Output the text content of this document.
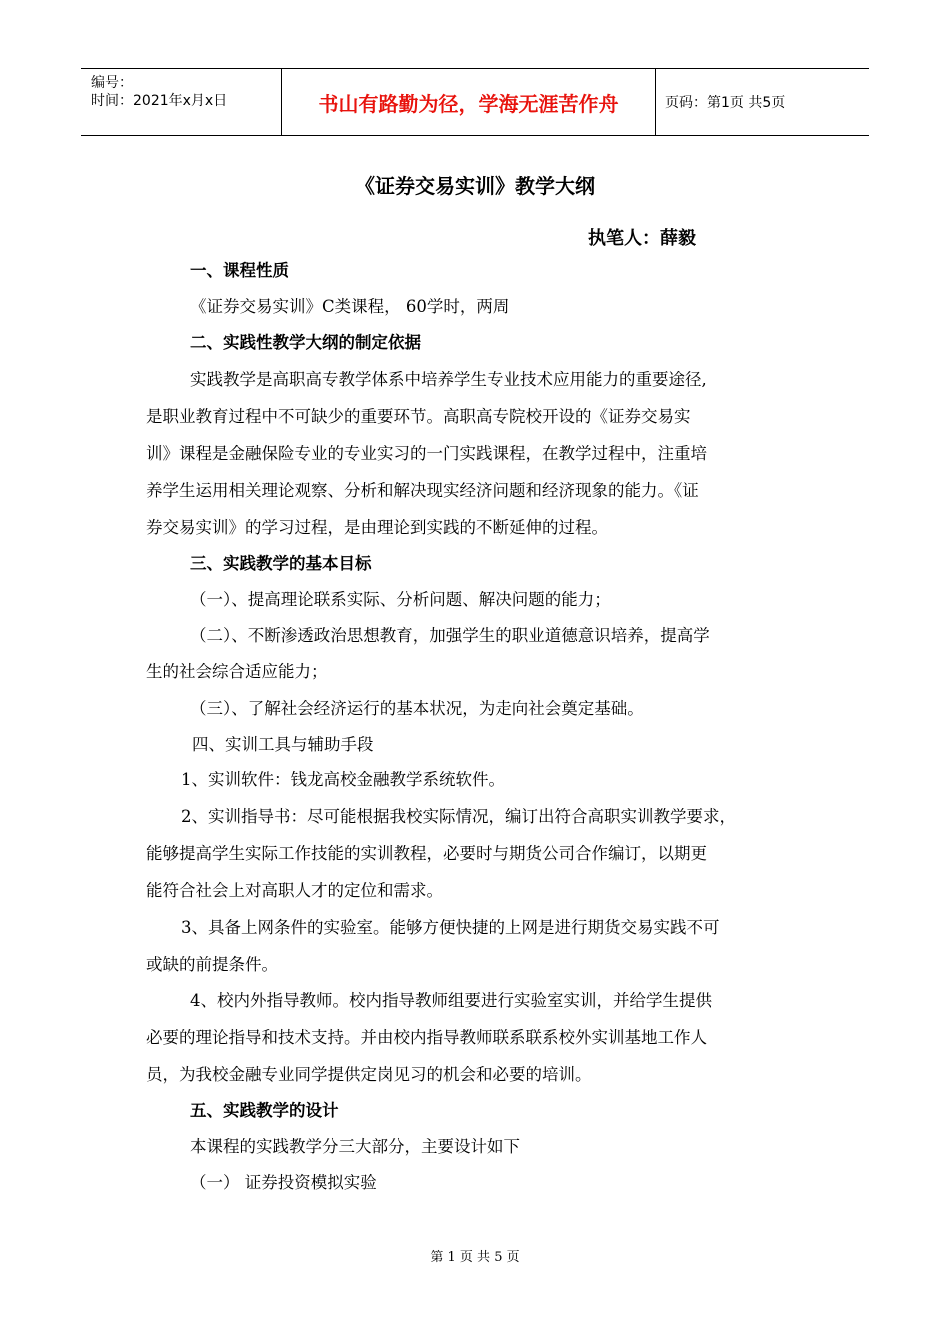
编号：
时间：2021年x月x日	书山有路勤为径，学海无涯苦作舟	页码：第1页 共5页
《证券交易实训》教学大纲
执笔人：薛毅
一、课程性质
《证券交易实训》C类课程， 60学时，两周
二、实践性教学大纲的制定依据
实践教学是高职高专教学体系中培养学生专业技术应用能力的重要途径,
是职业教育过程中不可缺少的重要环节。高职高专院校开设的《证券交易实
训》课程是金融保险专业的专业实习的一门实践课程，在教学过程中，注重培
养学生运用相关理论观察、分析和解决现实经济问题和经济现象的能力。《证
券交易实训》的学习过程，是由理论到实践的不断延伸的过程。
三、实践教学的基本目标
（一）、提高理论联系实际、分析问题、解决问题的能力；
（二）、不断渗透政治思想教育，加强学生的职业道德意识培养，提高学
生的社会综合适应能力；
（三）、了解社会经济运行的基本状况，为走向社会奠定基础。
四、实训工具与辅助手段
1、实训软件：钱龙高校金融教学系统软件。
2、实训指导书：尽可能根据我校实际情况，编订出符合高职实训教学要求，
能够提高学生实际工作技能的实训教程，必要时与期货公司合作编订，以期更
能符合社会上对高职人才的定位和需求。
3、具备上网条件的实验室。能够方便快捷的上网是进行期货交易实践不可
或缺的前提条件。
4、校内外指导教师。校内指导教师组要进行实验室实训，并给学生提供
必要的理论指导和技术支持。并由校内指导教师联系联系校外实训基地工作人
员，为我校金融专业同学提供定岗见习的机会和必要的培训。
五、实践教学的设计
本课程的实践教学分三大部分，主要设计如下
（一） 证券投资模拟实验
第 1 页 共 5 页
